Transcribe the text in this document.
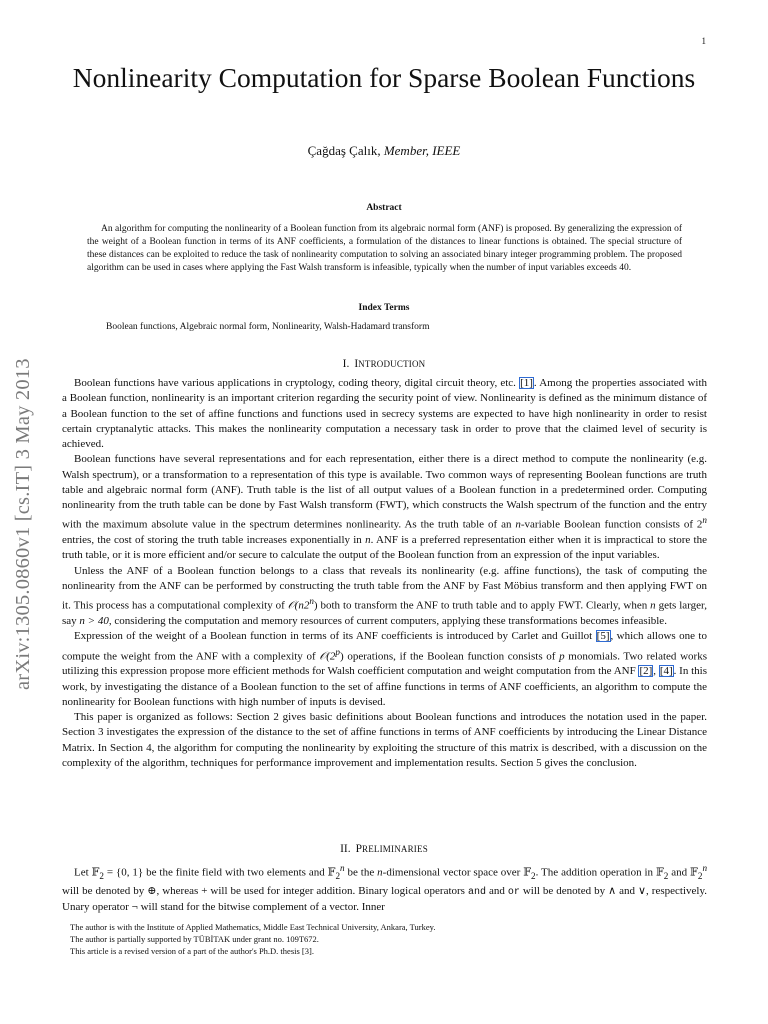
1
arXiv:1305.0860v1 [cs.IT] 3 May 2013
Nonlinearity Computation for Sparse Boolean Functions
Çağdaş Çalık, Member, IEEE
Abstract

An algorithm for computing the nonlinearity of a Boolean function from its algebraic normal form (ANF) is proposed. By generalizing the expression of the weight of a Boolean function in terms of its ANF coefficients, a formulation of the distances to linear functions is obtained. The special structure of these distances can be exploited to reduce the task of nonlinearity computation to solving an associated binary integer programming problem. The proposed algorithm can be used in cases where applying the Fast Walsh transform is infeasible, typically when the number of input variables exceeds 40.

Index Terms
Boolean functions, Algebraic normal form, Nonlinearity, Walsh-Hadamard transform
I. INTRODUCTION

Boolean functions have various applications in cryptology, coding theory, digital circuit theory, etc. [1]. Among the properties associated with a Boolean function, nonlinearity is an important criterion regarding the security point of view. Nonlinearity is defined as the minimum distance of a Boolean function to the set of affine functions and functions used in secrecy systems are expected to have high nonlinearity in order to resist certain cryptanalytic attacks. This makes the nonlinearity computation a necessary task in order to prove that the claimed level of security is achieved.

Boolean functions have several representations and for each representation, either there is a direct method to compute the nonlinearity (e.g. Walsh spectrum), or a transformation to a representation of this type is available. Two common ways of representing Boolean functions are truth table and algebraic normal form (ANF). Truth table is the list of all output values of a Boolean function in a predetermined order. Computing nonlinearity from the truth table can be done by Fast Walsh transform (FWT), which constructs the Walsh spectrum of the function and the entry with the maximum absolute value in the spectrum determines nonlinearity. As the truth table of an n-variable Boolean function consists of 2$^n$ entries, the cost of storing the truth table increases exponentially in n. ANF is a preferred representation either when it is impractical to store the truth table, or it is more efficient and/or secure to calculate the output of the Boolean function from an expression of the input variables.

Unless the ANF of a Boolean function belongs to a class that reveals its nonlinearity (e.g. affine functions), the task of computing the nonlinearity from the ANF can be performed by constructing the truth table from the ANF by Fast Möbius transform and then applying FWT on it. This process has a computational complexity of 𝒪(n2$^n$) both to transform the ANF to truth table and to apply FWT. Clearly, when n gets larger, say n > 40, considering the computation and memory resources of current computers, applying these transformations becomes infeasible.

Expression of the weight of a Boolean function in terms of its ANF coefficients is introduced by Carlet and Guillot [5], which allows one to compute the weight from the ANF with a complexity of 𝒪(2$^p$) operations, if the Boolean function consists of p monomials. Two related works utilizing this expression propose more efficient methods for Walsh coefficient computation and weight computation from the ANF [2], [4]. In this work, by investigating the distance of a Boolean function to the set of affine functions in terms of ANF coefficients, an algorithm to compute the nonlinearity for Boolean functions with high number of inputs is devised.

This paper is organized as follows: Section 2 gives basic definitions about Boolean functions and introduces the notation used in the paper. Section 3 investigates the expression of the distance to the set of affine functions in terms of ANF coefficients by introducing the Linear Distance Matrix. In Section 4, the algorithm for computing the nonlinearity by exploiting the structure of this matrix is described, with a discussion on the complexity of the algorithm, techniques for performance improvement and implementation results. Section 5 gives the conclusion.

II. PRELIMINARIES

Let 𝔽$_2$ = {0, 1} be the finite field with two elements and 𝔽$_2^n$ be the n-dimensional vector space over 𝔽$_2$. The addition operation in 𝔽$_2$ and 𝔽$_2^n$ will be denoted by ⊕, whereas + will be used for integer addition. Binary logical operators and and or will be denoted by ∧ and ∨, respectively. Unary operator ¬ will stand for the bitwise complement of a vector. Inner

The author is with the Institute of Applied Mathematics, Middle East Technical University, Ankara, Turkey.
The author is partially supported by TÜBİTAK under grant no. 109T672.
This article is a revised version of a part of the author's Ph.D. thesis [3].
